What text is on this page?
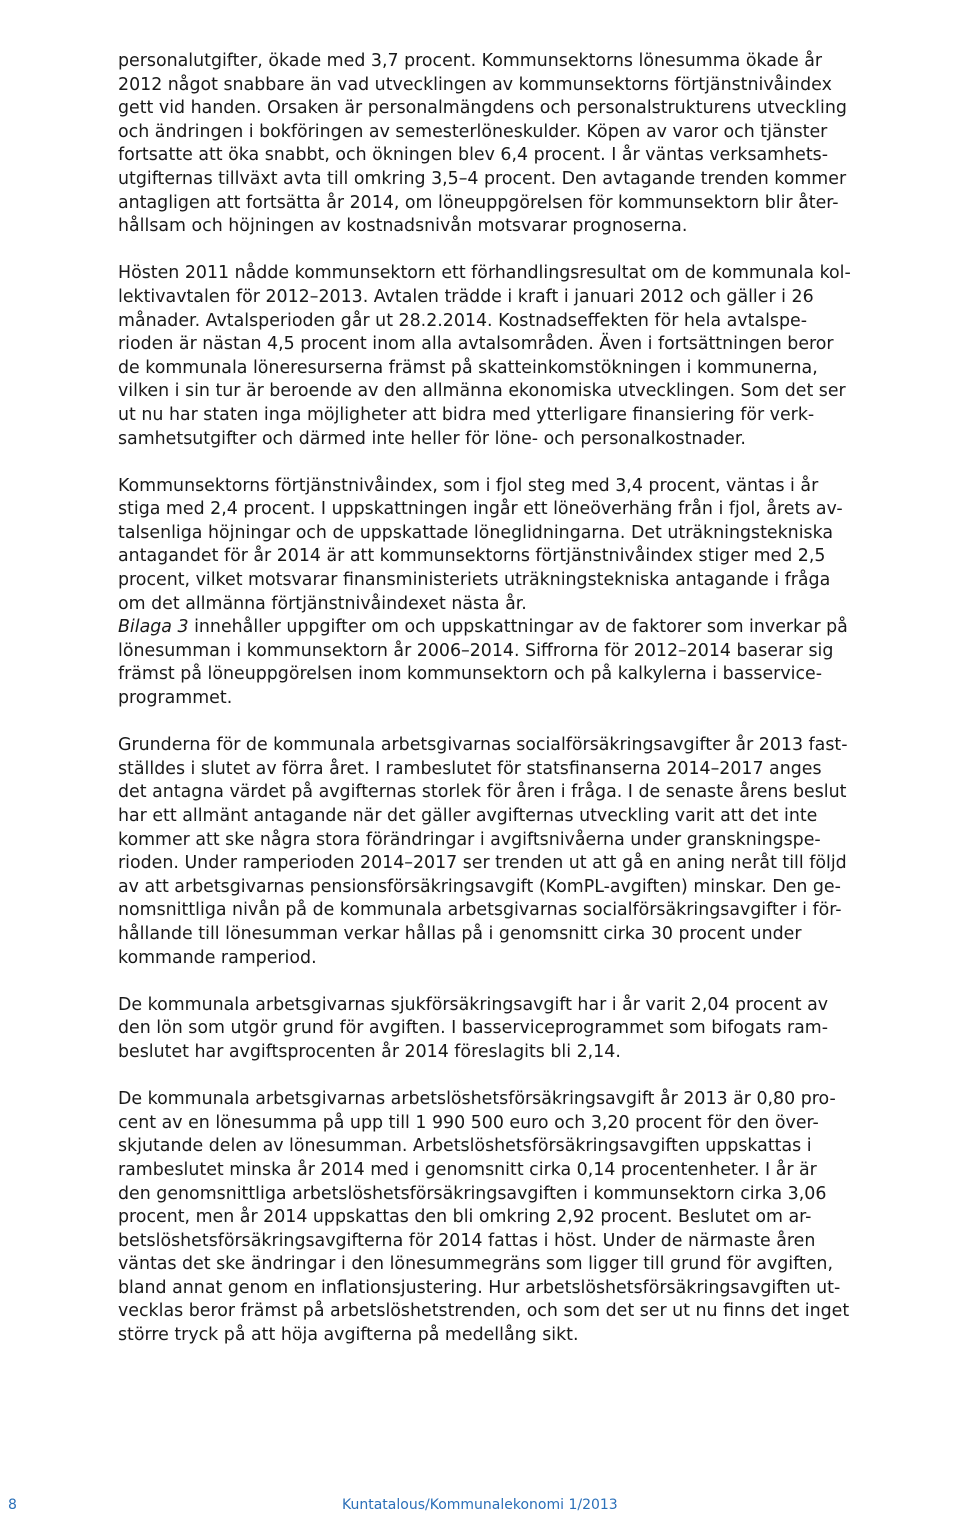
personalutgifter, ökade med 3,7 procent. Kommunsektorns lönesumma ökade år
2012 något snabbare än vad utvecklingen av kommunsektorns förtjänstnivåindex
gett vid handen. Orsaken är personalmängdens och personalstrukturens utveckling
och ändringen i bokföringen av semesterlöneskulder. Köpen av varor och tjänster
fortsatte att öka snabbt, och ökningen blev 6,4 procent. I år väntas verksamhets-
utgifternas tillväxt avta till omkring 3,5–4 procent. Den avtagande trenden kommer
antagligen att fortsätta år 2014, om löneuppgörelsen för kommunsektorn blir åter-
hållsam och höjningen av kostnadsnivån motsvarar prognoserna.

Hösten 2011 nådde kommunsektorn ett förhandlingsresultat om de kommunala kol-
lektivavtalen för 2012–2013. Avtalen trädde i kraft i januari 2012 och gäller i 26
månader. Avtalsperioden går ut 28.2.2014. Kostnadseffekten för hela avtalspe-
rioden är nästan 4,5 procent inom alla avtalsområden. Även i fortsättningen beror
de kommunala löneresurserna främst på skatteinkomstökningen i kommunerna,
vilken i sin tur är beroende av den allmänna ekonomiska utvecklingen. Som det ser
ut nu har staten inga möjligheter att bidra med ytterligare finansiering för verk-
samhetsutgifter och därmed inte heller för löne- och personalkostnader.

Kommunsektorns förtjänstnivåindex, som i fjol steg med 3,4 procent, väntas i år
stiga med 2,4 procent. I uppskattningen ingår ett löneöverhäng från i fjol, årets av-
talsenliga höjningar och de uppskattade löneglidningarna. Det uträkningstekniska
antagandet för år 2014 är att kommunsektorns förtjänstnivåindex stiger med 2,5
procent, vilket motsvarar finansministeriets uträkningstekniska antagande i fråga
om det allmänna förtjänstnivåindexet nästa år.
Bilaga 3 innehåller uppgifter om och uppskattningar av de faktorer som inverkar på
lönesumman i kommunsektorn år 2006–2014. Siffrorna för 2012–2014 baserar sig
främst på löneuppgörelsen inom kommunsektorn och på kalkylerna i basservice-
programmet.

Grunderna för de kommunala arbetsgivarnas socialförsäkringsavgifter år 2013 fast-
ställdes i slutet av förra året. I rambeslutet för statsfinanserna 2014–2017 anges
det antagna värdet på avgifternas storlek för åren i fråga. I de senaste årens beslut
har ett allmänt antagande när det gäller avgifternas utveckling varit att det inte
kommer att ske några stora förändringar i avgiftsnivåerna under granskningspe-
rioden. Under ramperioden 2014–2017 ser trenden ut att gå en aning neråt till följd
av att arbetsgivarnas pensionsförsäkringsavgift (KomPL-avgiften) minskar. Den ge-
nomsnittliga nivån på de kommunala arbetsgivarnas socialförsäkringsavgifter i för-
hållande till lönesumman verkar hållas på i genomsnitt cirka 30 procent under
kommande ramperiod.

De kommunala arbetsgivarnas sjukförsäkringsavgift har i år varit 2,04 procent av
den lön som utgör grund för avgiften. I basserviceprogrammet som bifogats ram-
beslutet har avgiftsprocenten år 2014 föreslagits bli 2,14.

De kommunala arbetsgivarnas arbetslöshetsförsäkringsavgift år 2013 är 0,80 pro-
cent av en lönesumma på upp till 1 990 500 euro och 3,20 procent för den över-
skjutande delen av lönesumman. Arbetslöshetsförsäkringsavgiften uppskattas i
rambeslutet minska år 2014 med i genomsnitt cirka 0,14 procentenheter. I år är
den genomsnittliga arbetslöshetsförsäkringsavgiften i kommunsektorn cirka 3,06
procent, men år 2014 uppskattas den bli omkring 2,92 procent. Beslutet om ar-
betslöshetsförsäkringsavgifterna för 2014 fattas i höst. Under de närmaste åren
väntas det ske ändringar i den lönesummegräns som ligger till grund för avgiften,
bland annat genom en inflationsjustering. Hur arbetslöshetsförsäkringsavgiften ut-
vecklas beror främst på arbetslöshetstrenden, och som det ser ut nu finns det inget
större tryck på att höja avgifterna på medellång sikt.

8	Kuntatalous/Kommunalekonomi 1/2013
